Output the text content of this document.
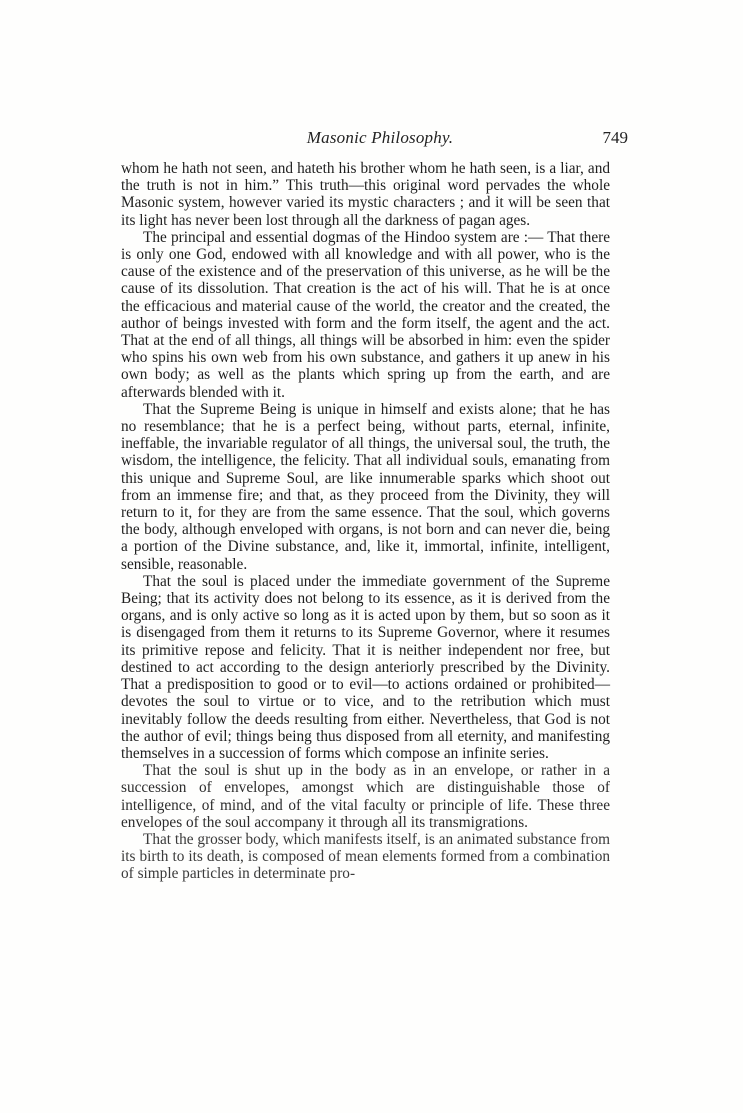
Masonic Philosophy.	749

whom he hath not seen, and hateth his brother whom he hath seen, is a liar, and the truth is not in him.” This truth—this original word pervades the whole Masonic system, however varied its mystic characters ; and it will be seen that its light has never been lost through all the darkness of pagan ages.

The principal and essential dogmas of the Hindoo system are :— That there is only one God, endowed with all knowledge and with all power, who is the cause of the existence and of the preservation of this universe, as he will be the cause of its dissolution. That creation is the act of his will. That he is at once the efficacious and material cause of the world, the creator and the created, the author of beings invested with form and the form itself, the agent and the act. That at the end of all things, all things will be absorbed in him: even the spider who spins his own web from his own substance, and gathers it up anew in his own body; as well as the plants which spring up from the earth, and are afterwards blended with it.

That the Supreme Being is unique in himself and exists alone; that he has no resemblance; that he is a perfect being, without parts, eternal, infinite, ineffable, the invariable regulator of all things, the universal soul, the truth, the wisdom, the intelligence, the felicity. That all individual souls, emanating from this unique and Supreme Soul, are like innumerable sparks which shoot out from an immense fire; and that, as they proceed from the Divinity, they will return to it, for they are from the same essence. That the soul, which governs the body, although enveloped with organs, is not born and can never die, being a portion of the Divine substance, and, like it, immortal, infinite, intelligent, sensible, reasonable.

That the soul is placed under the immediate government of the Supreme Being; that its activity does not belong to its essence, as it is derived from the organs, and is only active so long as it is acted upon by them, but so soon as it is disengaged from them it returns to its Supreme Governor, where it resumes its primitive repose and felicity. That it is neither independent nor free, but destined to act according to the design anteriorly prescribed by the Divinity. That a predisposition to good or to evil—to actions ordained or prohibited—devotes the soul to virtue or to vice, and to the retribution which must inevitably follow the deeds resulting from either. Nevertheless, that God is not the author of evil; things being thus disposed from all eternity, and manifesting themselves in a succession of forms which compose an infinite series.

That the soul is shut up in the body as in an envelope, or rather in a succession of envelopes, amongst which are distinguishable those of intelligence, of mind, and of the vital faculty or principle of life. These three envelopes of the soul accompany it through all its transmigrations.

That the grosser body, which manifests itself, is an animated substance from its birth to its death, is composed of mean elements formed from a combination of simple particles in determinate pro-
